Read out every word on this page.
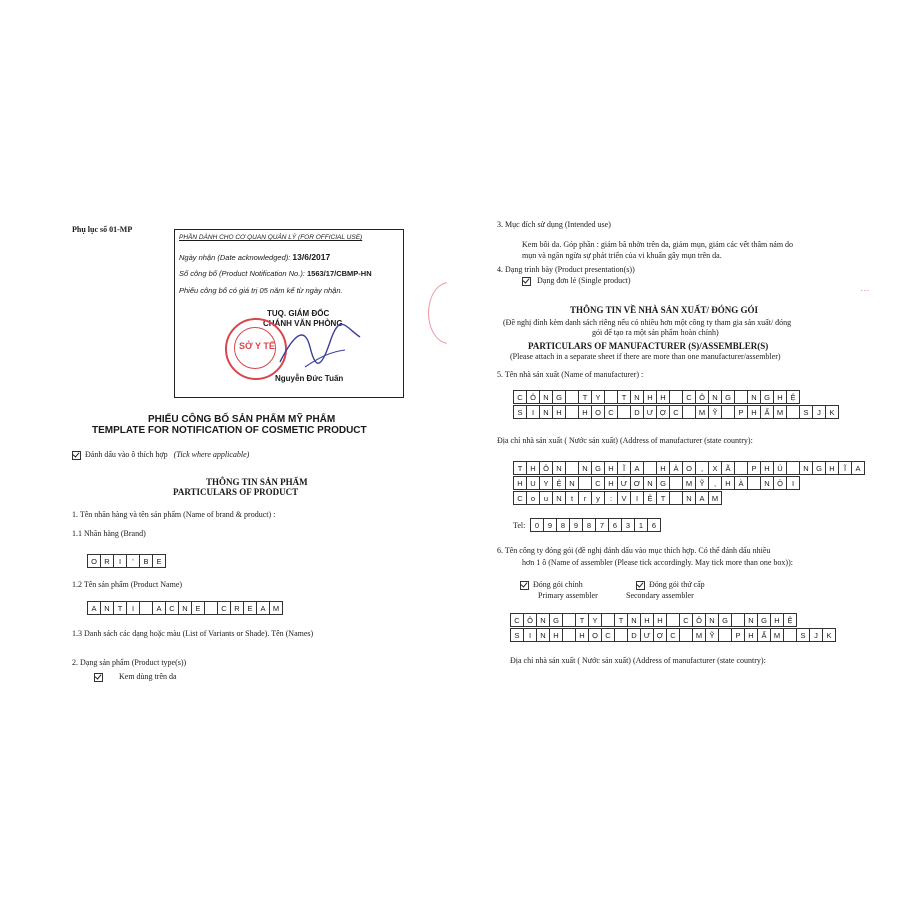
Phụ lục số 01-MP
PHẦN DÀNH CHO CƠ QUAN QUẢN LÝ (FOR OFFICIAL USE)
Ngày nhận (Date acknowledged): 13/6/2017
Số công bố (Product Notification No.): 1563/17/CBMP-HN
Phiếu công bố có giá trị 05 năm kể từ ngày nhận.
TUQ. GIÁM ĐỐC
CHÁNH VĂN PHÒNG
SỞ Y TẾ
Nguyễn Đức Tuấn
PHIẾU CÔNG BỐ SẢN PHẨM MỸ PHẨM
TEMPLATE FOR NOTIFICATION OF COSMETIC PRODUCT
Đánh dấu vào ô thích hợp (Tick where applicable)
THÔNG TIN SẢN PHẨM
PARTICULARS OF PRODUCT
1. Tên nhãn hàng và tên sản phẩm (Name of brand & product) :
1.1 Nhãn hàng (Brand)
O R	I	'	B	E
1.2 Tên sản phẩm (Product Name)
A	N	T	I	A	C	N	E	C	R	E	A M
1.3 Danh sách các dạng hoặc màu (List of Variants or Shade). Tên (Names)
2. Dạng sản phẩm (Product type(s))
Kem dùng trên da
3. Mục đích sử dụng (Intended use)
Kem bôi da. Góp phần : giảm bã nhờn trên da, giảm mụn, giảm các vết thâm nám do
mụn và ngăn ngừa sự phát triển của vi khuẩn gây mụn trên da.
4. Dạng trình bày (Product presentation(s))
Dạng đơn lẻ (Single product)
THÔNG TIN VỀ NHÀ SẢN XUẤT/ ĐÓNG GÓI
(Đề nghị đính kèm danh sách riêng nếu có nhiều hơn một công ty tham gia sản xuất/ đóng
gói để tạo ra một sản phẩm hoàn chỉnh)
PARTICULARS OF MANUFACTURER (S)/ASSEMBLER(S)
(Please attach in a separate sheet if there are more than one manufacturer/assembler)
5. Tên nhà sản xuất (Name of manufacturer) :
C Ô N G	T	Y	T	N	H	H	C Ô N G	N G H	Ệ
S	I	N	H	H Ọ C	D Ư Ợ C	M Ỹ	P	H	Ẩ M	S	J	K
Địa chỉ nhà sản xuất ( Nước sản xuất) (Address of manufacturer (state country):
T	H Ô N	N G H	Ĩ	A	H	À	O	,	X	Ã	P	H	Ú	N G H	Ĩ	A
H	U	Y	Ệ	N	C	H Ư Ơ N G	M Ỹ	,	H	À	N Ộ	I
C	o	u	N	t	r	y	:	V	I	Ệ	T	N	A M
Tel:	0	9	8	9	8	7	6	3	1	6
6. Tên công ty đóng gói (đề nghị đánh dấu vào mục thích hợp. Có thể đánh dấu nhiều
hơn 1 ô (Name of assembler (Please tick accordingly. May tick more than one box)):
Đóng gói chính
Primary assembler
Đóng gói thứ cấp
Secondary assembler
C Ô N G	T	Y	T	N	H	H	C Ô N G	N G H	Ệ
S	I	N	H	H Ọ C	D Ư Ợ C	M Ỹ	P	H	Ẩ M	S	J	K
Địa chỉ nhà sản xuất ( Nước sản xuất) (Address of manufacturer (state country):
⋮
